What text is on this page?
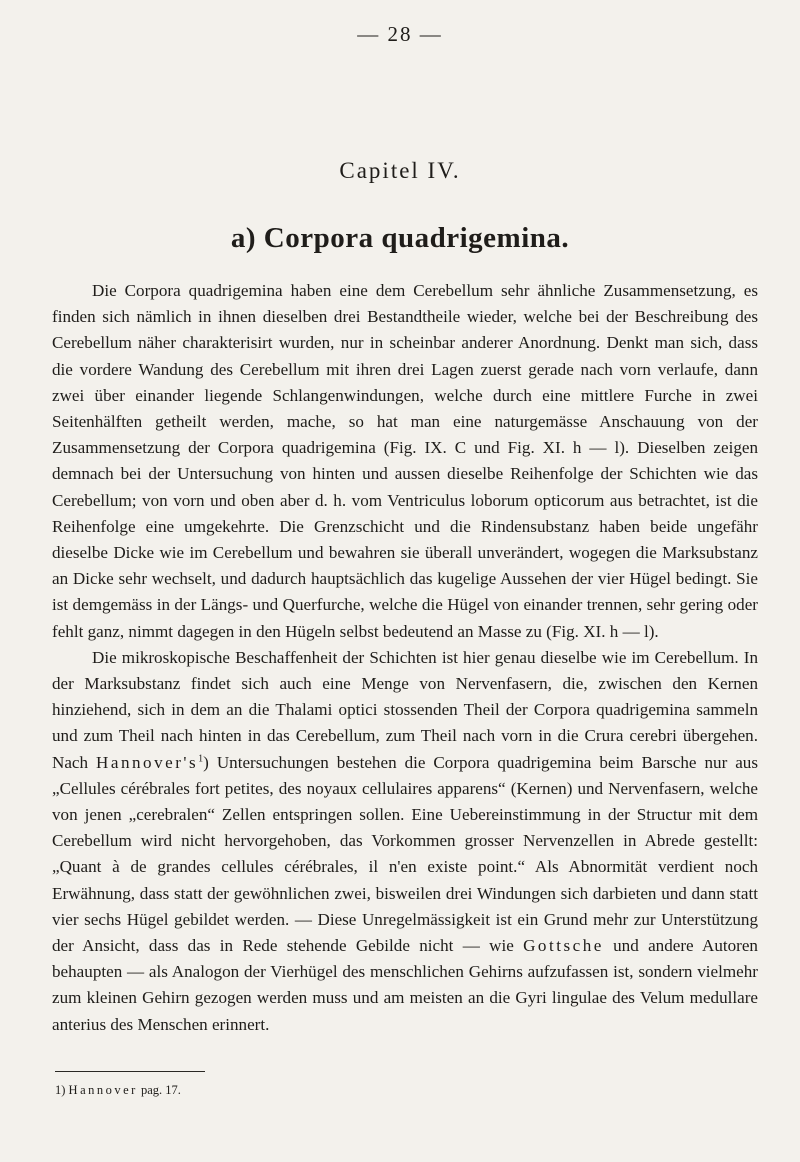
— 28 —
Capitel IV.
a) Corpora quadrigemina.

Die Corpora quadrigemina haben eine dem Cerebellum sehr ähnliche Zusammensetzung, es finden sich nämlich in ihnen dieselben drei Bestandtheile wieder, welche bei der Beschreibung des Cerebellum näher charakterisirt wurden, nur in scheinbar anderer Anordnung. Denkt man sich, dass die vordere Wandung des Cerebellum mit ihren drei Lagen zuerst gerade nach vorn verlaufe, dann zwei über einander liegende Schlangenwindungen, welche durch eine mittlere Furche in zwei Seitenhälften getheilt werden, mache, so hat man eine naturgemässe Anschauung von der Zusammensetzung der Corpora quadrigemina (Fig. IX. C und Fig. XI. h — l). Dieselben zeigen demnach bei der Untersuchung von hinten und aussen dieselbe Reihenfolge der Schichten wie das Cerebellum; von vorn und oben aber d. h. vom Ventriculus loborum opticorum aus betrachtet, ist die Reihenfolge eine umgekehrte. Die Grenzschicht und die Rindensubstanz haben beide ungefähr dieselbe Dicke wie im Cerebellum und bewahren sie überall unverändert, wogegen die Marksubstanz an Dicke sehr wechselt, und dadurch hauptsächlich das kugelige Aussehen der vier Hügel bedingt. Sie ist demgemäss in der Längs- und Querfurche, welche die Hügel von einander trennen, sehr gering oder fehlt ganz, nimmt dagegen in den Hügeln selbst bedeutend an Masse zu (Fig. XI. h — l).

Die mikroskopische Beschaffenheit der Schichten ist hier genau dieselbe wie im Cerebellum. In der Marksubstanz findet sich auch eine Menge von Nervenfasern, die, zwischen den Kernen hinziehend, sich in dem an die Thalami optici stossenden Theil der Corpora quadrigemina sammeln und zum Theil nach hinten in das Cerebellum, zum Theil nach vorn in die Crura cerebri übergehen. Nach $Hannover's^1$) Untersuchungen bestehen die Corpora quadrigemina beim Barsche nur aus „Cellules cérébrales fort petites, des noyaux cellulaires apparens“ (Kernen) und Nervenfasern, welche von jenen „cerebralen“ Zellen entspringen sollen. Eine Uebereinstimmung in der Structur mit dem Cerebellum wird nicht hervorgehoben, das Vorkommen grosser Nervenzellen in Abrede gestellt: „Quant à de grandes cellules cérébrales, il n'en existe point.“ Als Abnormität verdient noch Erwähnung, dass statt der gewöhnlichen zwei, bisweilen drei Windungen sich darbieten und dann statt vier sechs Hügel gebildet werden. — Diese Unregelmässigkeit ist ein Grund mehr zur Unterstützung der Ansicht, dass das in Rede stehende Gebilde nicht — wie Gottsche und andere Autoren behaupten — als Analogon der Vierhügel des menschlichen Gehirns aufzufassen ist, sondern vielmehr zum kleinen Gehirn gezogen werden muss und am meisten an die Gyri lingulae des Velum medullare anterius des Menschen erinnert.

1) Hannover pag. 17.
